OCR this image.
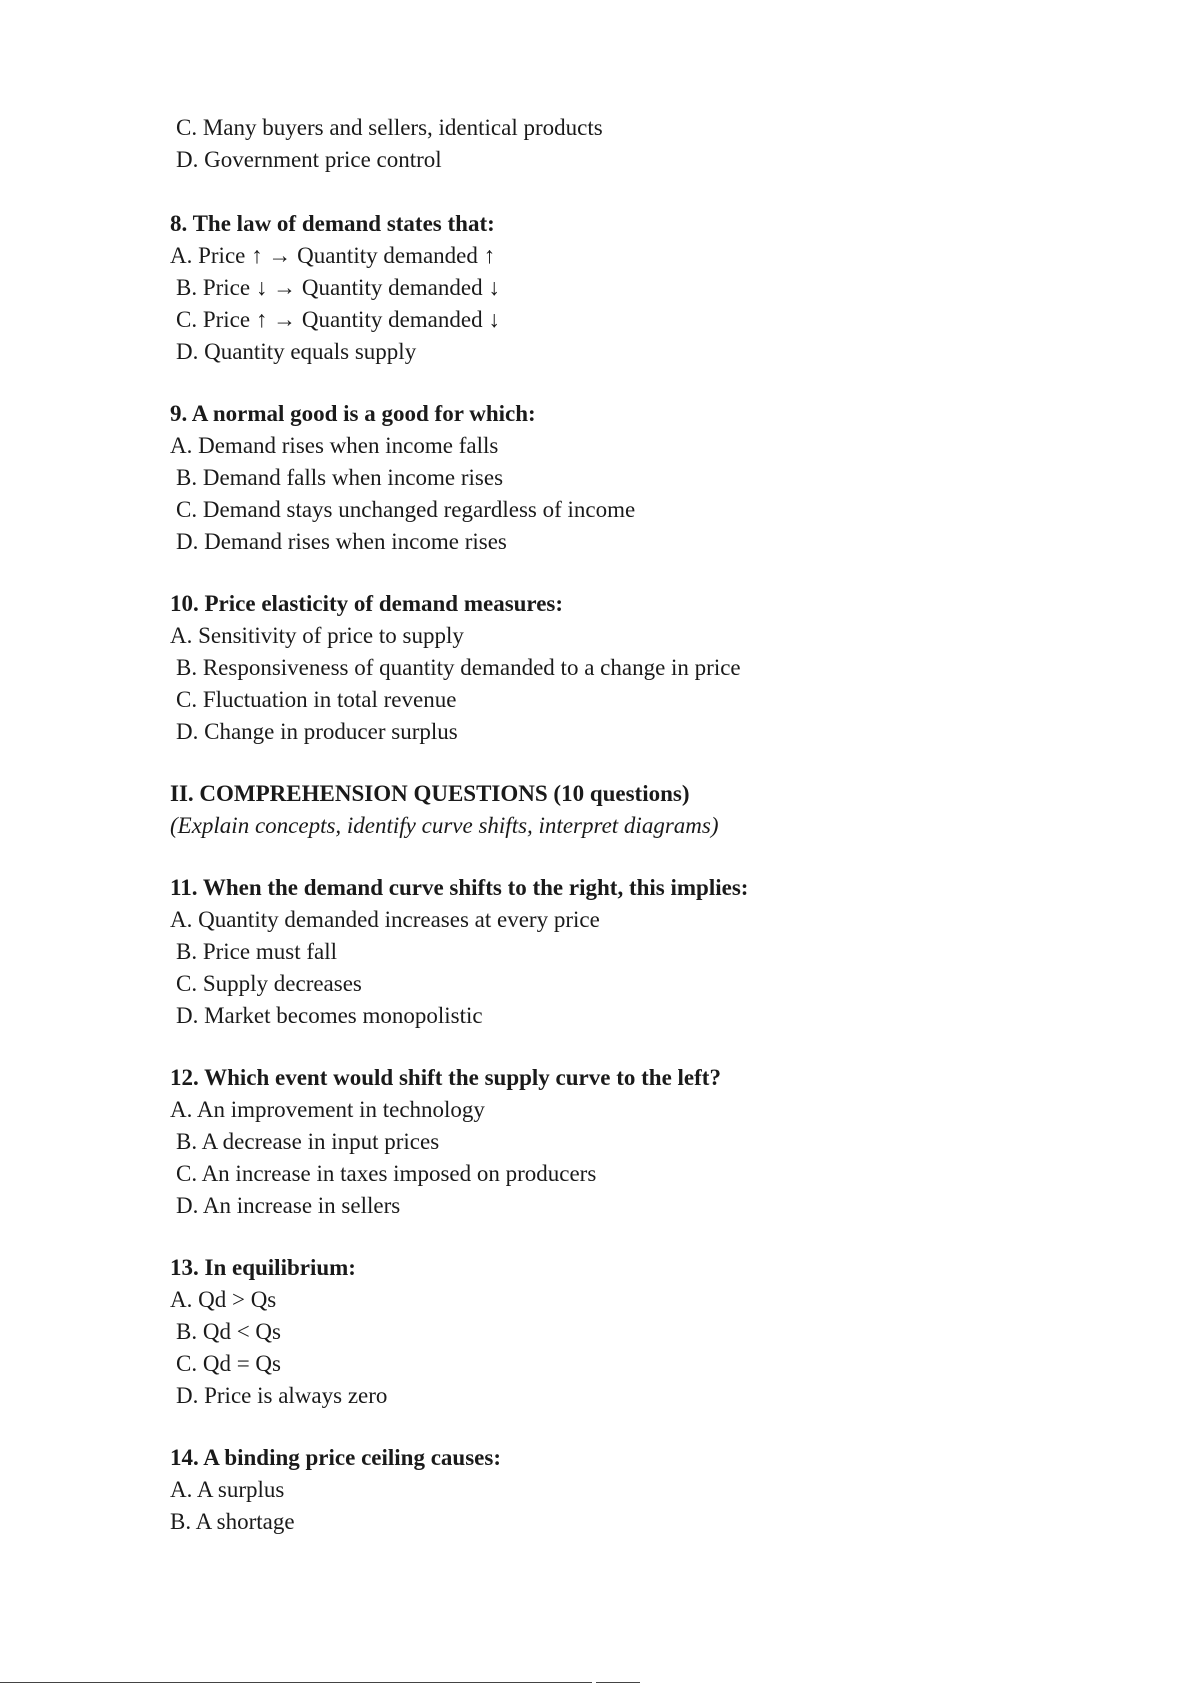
C. Many buyers and sellers, identical products
D. Government price control
8. The law of demand states that:
A. Price ↑ → Quantity demanded ↑
B. Price ↓ → Quantity demanded ↓
C. Price ↑ → Quantity demanded ↓
D. Quantity equals supply
9. A normal good is a good for which:
A. Demand rises when income falls
B. Demand falls when income rises
C. Demand stays unchanged regardless of income
D. Demand rises when income rises
10. Price elasticity of demand measures:
A. Sensitivity of price to supply
B. Responsiveness of quantity demanded to a change in price
C. Fluctuation in total revenue
D. Change in producer surplus
II. COMPREHENSION QUESTIONS (10 questions)
(Explain concepts, identify curve shifts, interpret diagrams)
11. When the demand curve shifts to the right, this implies:
A. Quantity demanded increases at every price
B. Price must fall
C. Supply decreases
D. Market becomes monopolistic
12. Which event would shift the supply curve to the left?
A. An improvement in technology
B. A decrease in input prices
C. An increase in taxes imposed on producers
D. An increase in sellers
13. In equilibrium:
A. Qd > Qs
B. Qd < Qs
C. Qd = Qs
D. Price is always zero
14. A binding price ceiling causes:
A. A surplus
B. A shortage
